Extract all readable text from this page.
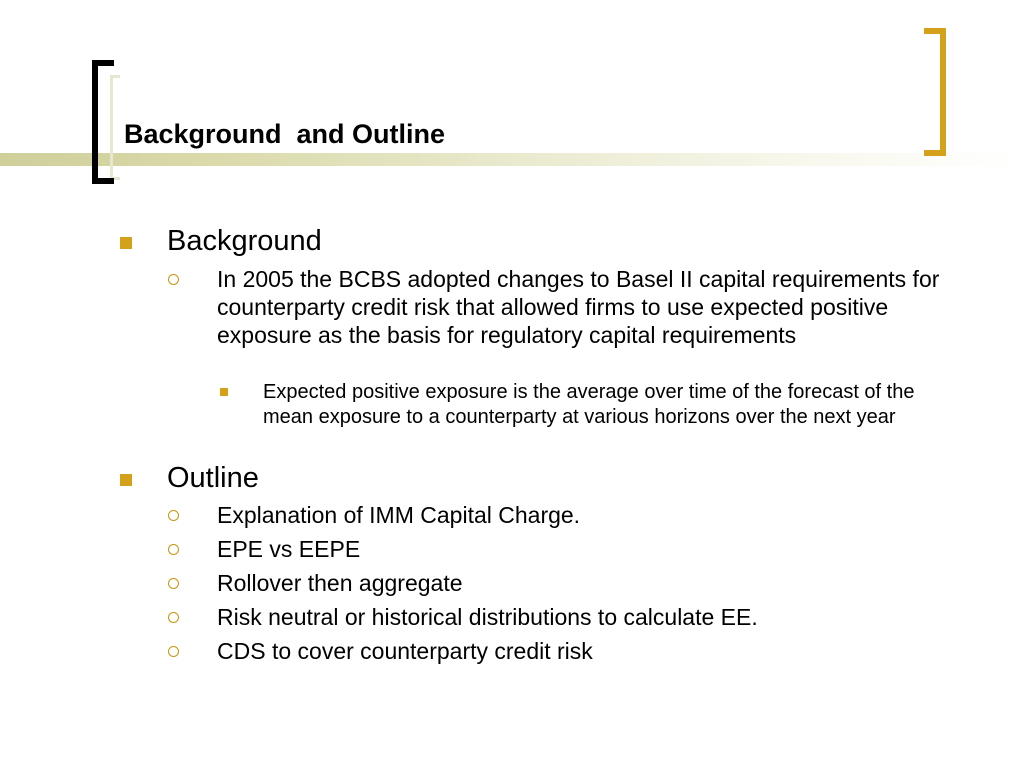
Background  and Outline
Background
In 2005 the BCBS adopted changes to Basel II capital requirements for counterparty credit risk that allowed firms to use expected positive exposure as the basis for regulatory capital requirements
Expected positive exposure is the average over time of the forecast of the mean exposure to a counterparty at various horizons over the next year
Outline
Explanation of IMM Capital Charge.
EPE vs EEPE
Rollover then aggregate
Risk neutral or historical distributions to calculate EE.
CDS to cover counterparty credit risk
